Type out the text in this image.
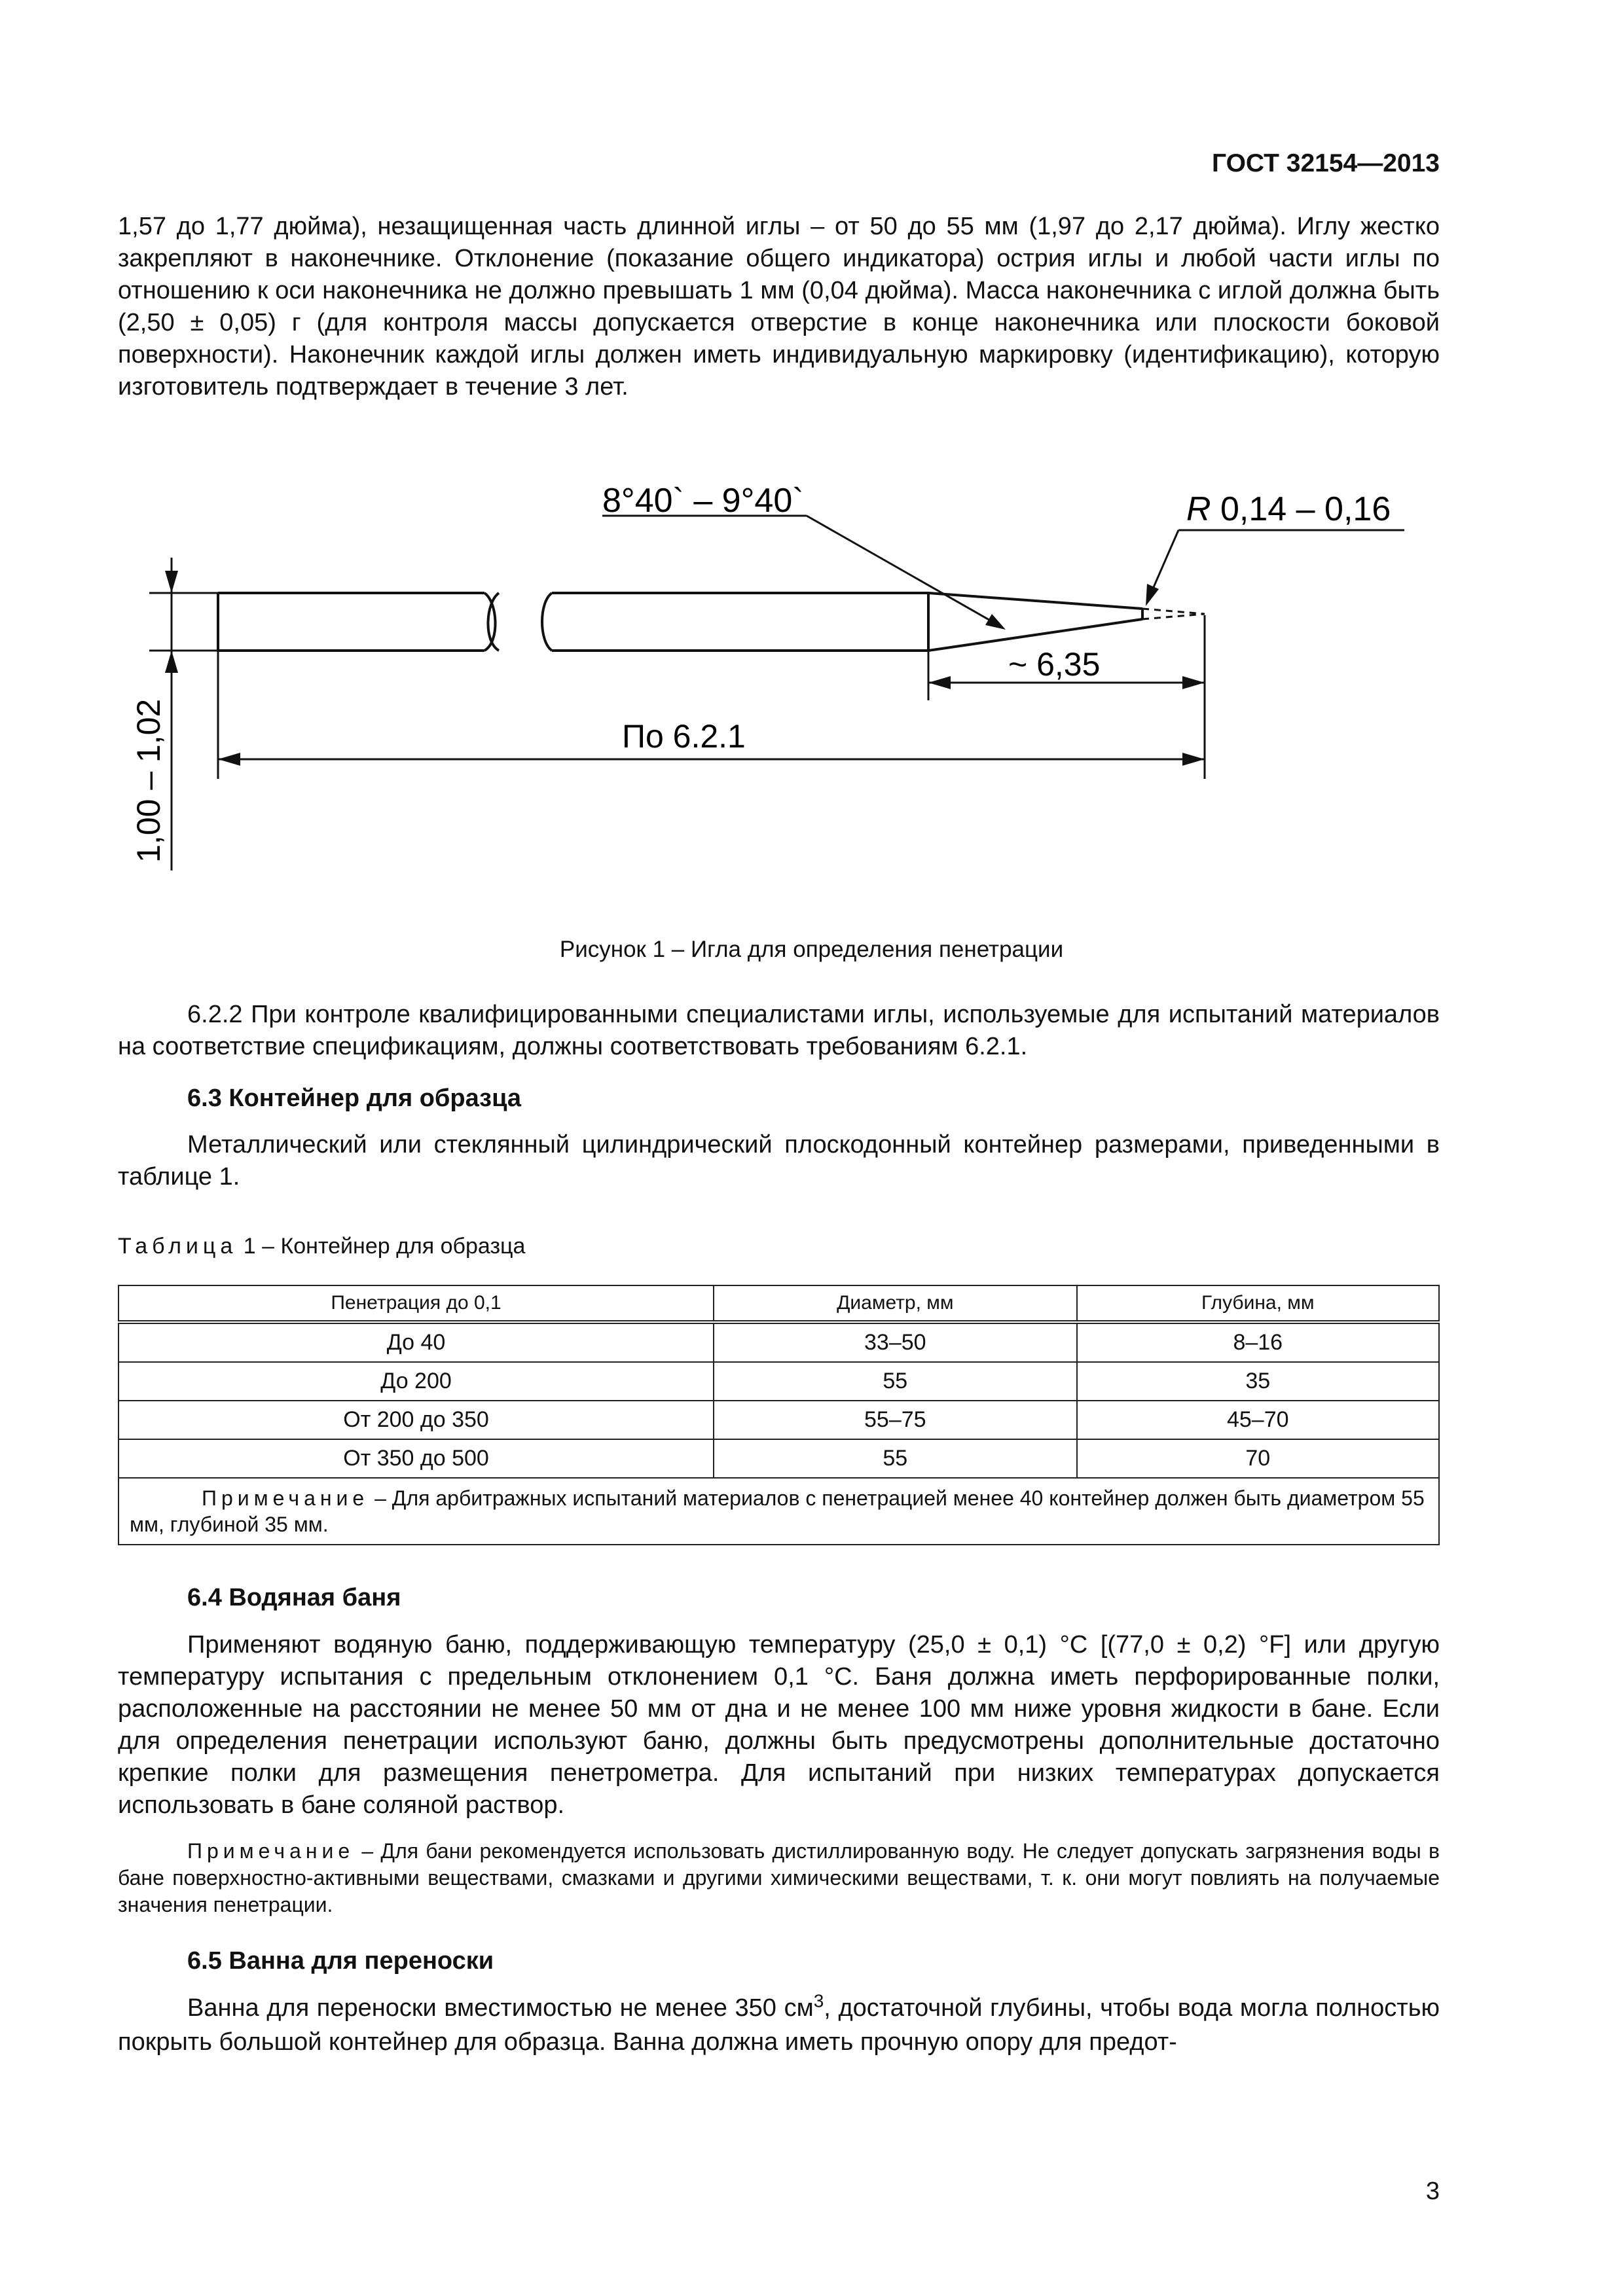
ГОСТ 32154—2013
1,57 до 1,77 дюйма), незащищенная часть длинной иглы – от 50 до 55 мм (1,97 до 2,17 дюйма). Иглу жестко закрепляют в наконечнике. Отклонение (показание общего индикатора) острия иглы и любой части иглы по отношению к оси наконечника не должно превышать 1 мм (0,04 дюйма). Масса наконечника с иглой должна быть (2,50 ± 0,05) г (для контроля массы допускается отверстие в конце наконечника или плоскости боковой поверхности). Наконечник каждой иглы должен иметь индивидуальную маркировку (идентификацию), которую изготовитель подтверждает в течение 3 лет.
8°40` – 9°40`	R 0,14 – 0,16
~ 6,35
По 6.2.1
1,00 – 1,02
Рисунок 1 – Игла для определения пенетрации
6.2.2 При контроле квалифицированными специалистами иглы, используемые для испытаний материалов на соответствие спецификациям, должны соответствовать требованиям 6.2.1.
6.3 Контейнер для образца
Металлический или стеклянный цилиндрический плоскодонный контейнер размерами, приведенными в таблице 1.
Таблица 1 – Контейнер для образца
Пенетрация до 0,1	Диаметр, мм	Глубина, мм
До 40	33–50	8–16
До 200	55	35
От 200 до 350	55–75	45–70
От 350 до 500	55	70
Примечание – Для арбитражных испытаний материалов с пенетрацией менее 40 контейнер должен быть диаметром 55 мм, глубиной 35 мм.		
6.4 Водяная баня
Применяют водяную баню, поддерживающую температуру (25,0 ± 0,1) °С [(77,0 ± 0,2) °F] или другую температуру испытания с предельным отклонением 0,1 °С. Баня должна иметь перфорированные полки, расположенные на расстоянии не менее 50 мм от дна и не менее 100 мм ниже уровня жидкости в бане. Если для определения пенетрации используют баню, должны быть предусмотрены дополнительные достаточно крепкие полки для размещения пенетрометра. Для испытаний при низких температурах допускается использовать в бане соляной раствор.
Примечание – Для бани рекомендуется использовать дистиллированную воду. Не следует допускать загрязнения воды в бане поверхностно-активными веществами, смазками и другими химическими веществами, т. к. они могут повлиять на получаемые значения пенетрации.
6.5 Ванна для переноски
Ванна для переноски вместимостью не менее 350 $см^3$, достаточной глубины, чтобы вода могла полностью покрыть большой контейнер для образца. Ванна должна иметь прочную опору для предот-
3
